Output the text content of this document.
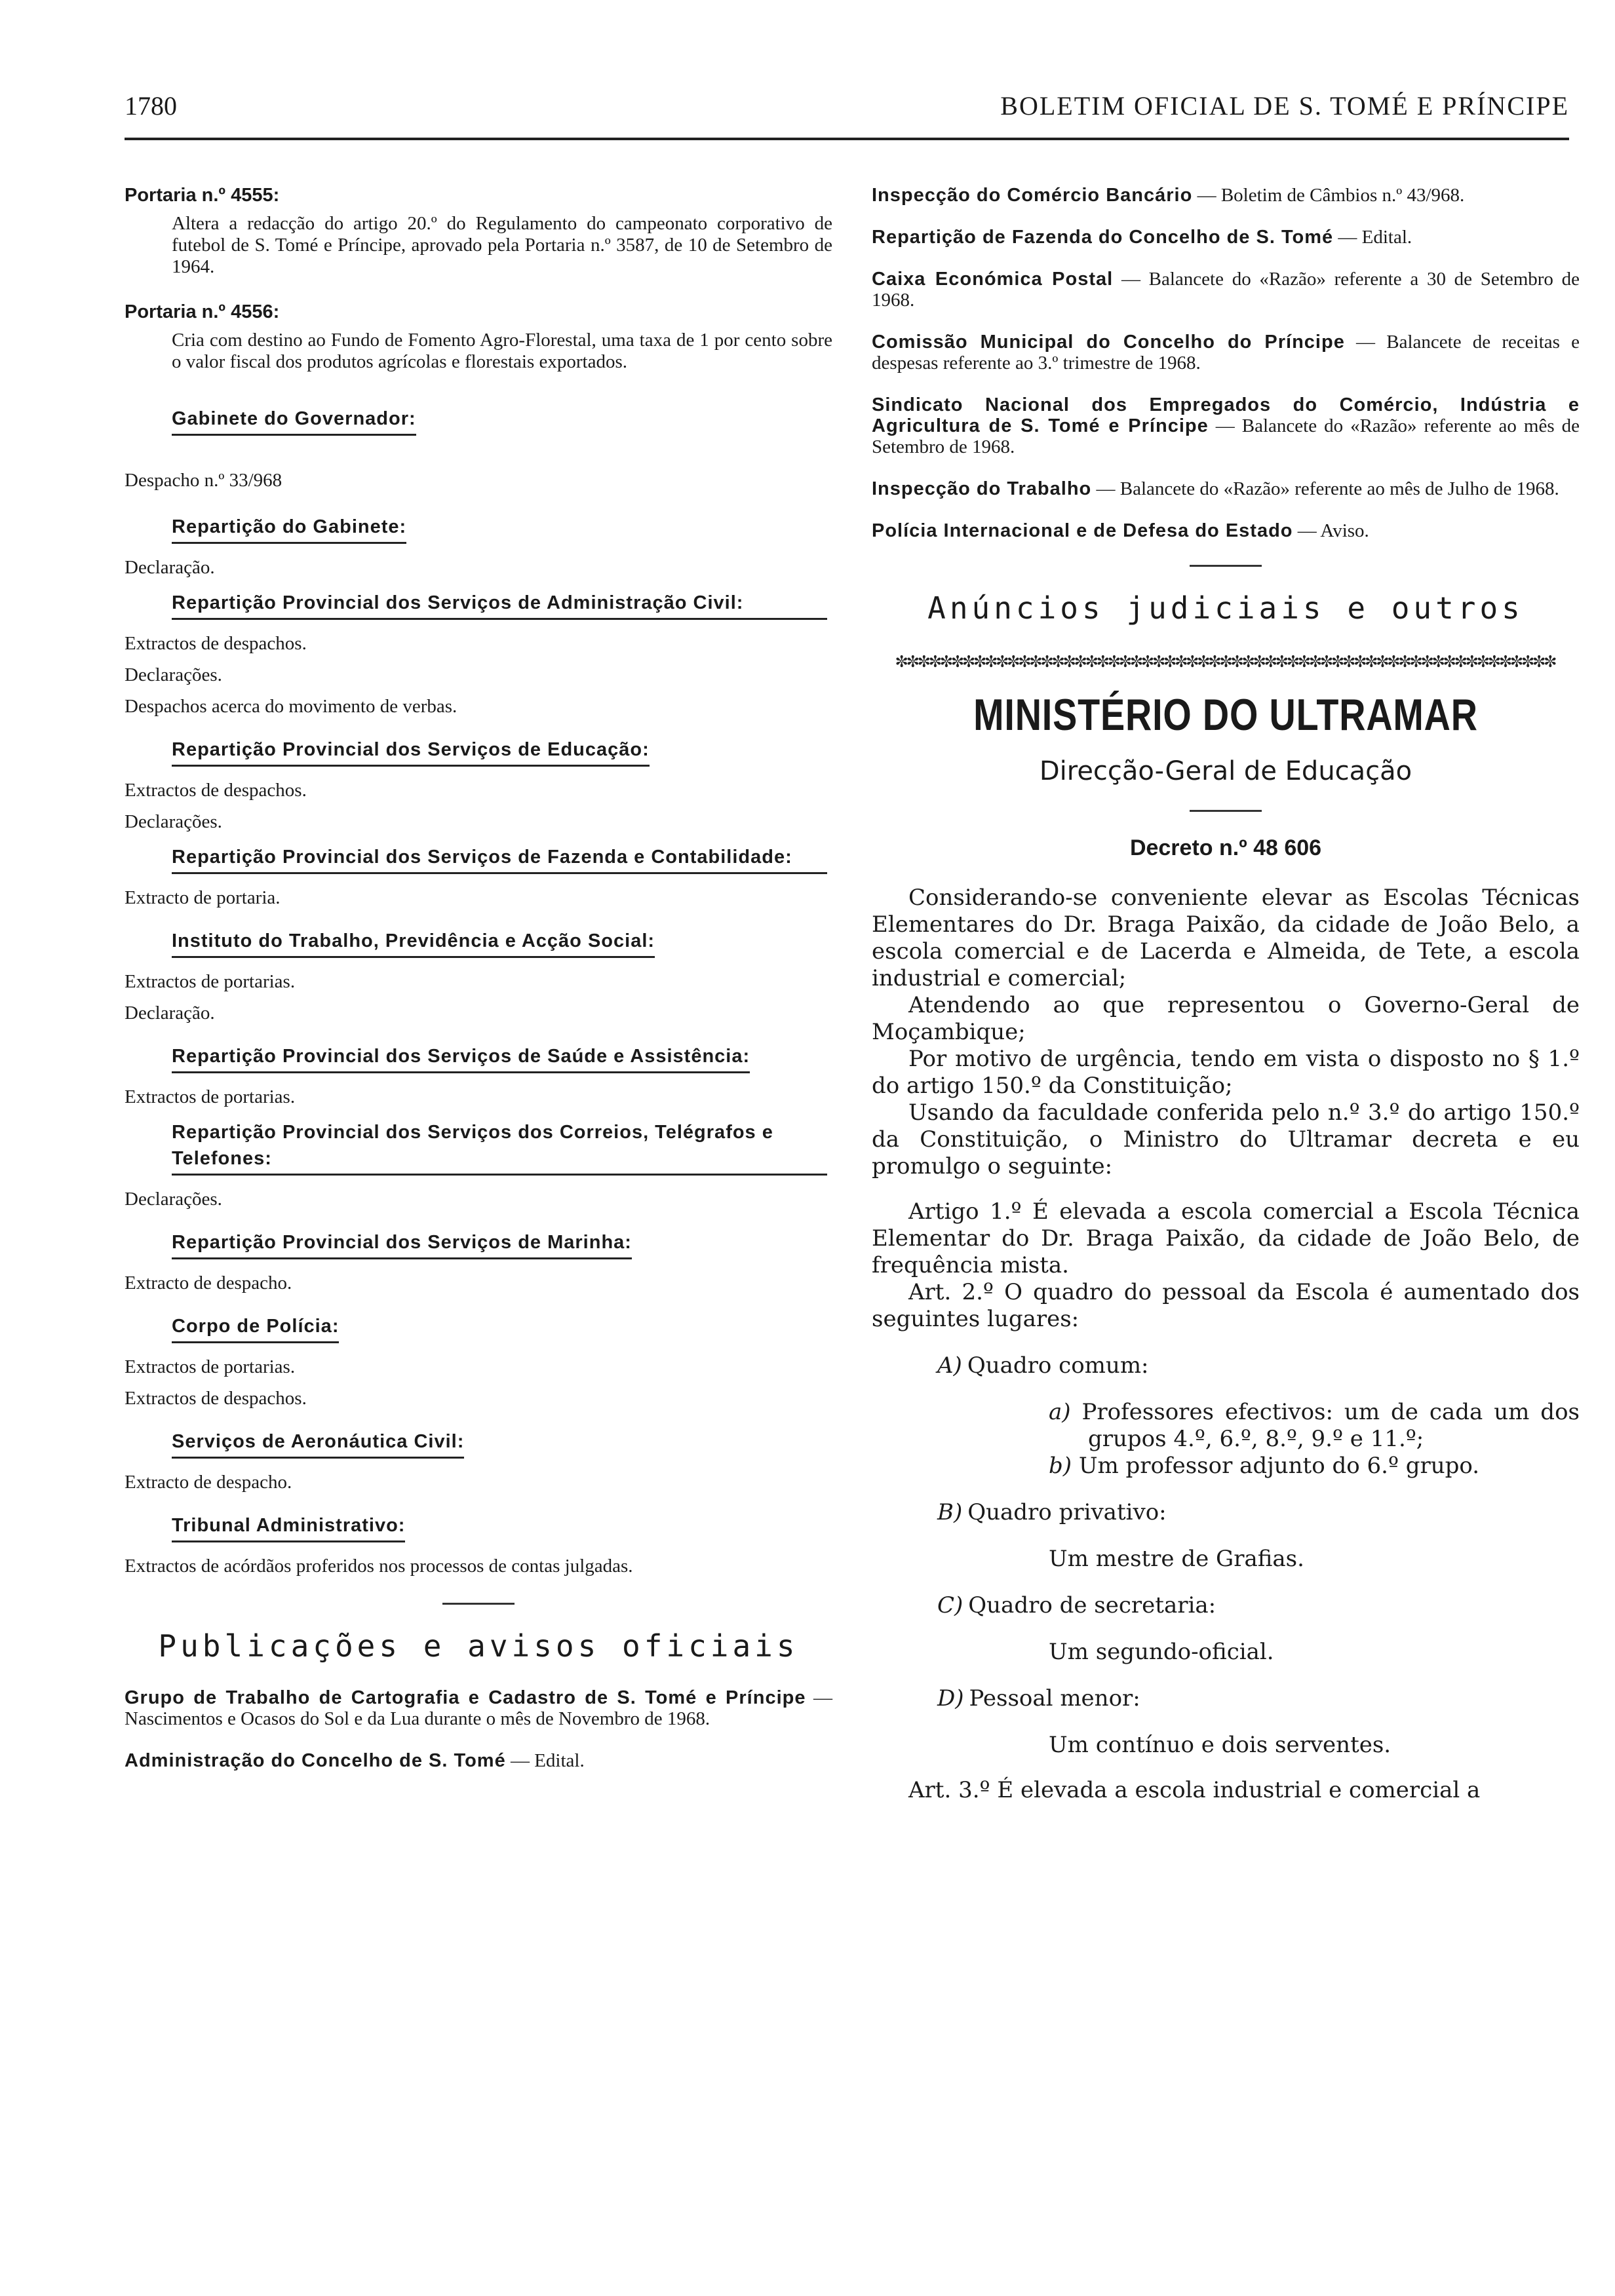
1780	BOLETIM OFICIAL DE S. TOMÉ E PRÍNCIPE

Portaria n.º 4555:

Altera a redacção do artigo 20.º do Regulamento do campeonato corporativo de futebol de S. Tomé e Príncipe, aprovado pela Portaria n.º 3587, de 10 de Setembro de 1964.

Portaria n.º 4556:

Cria com destino ao Fundo de Fomento Agro-Florestal, uma taxa de 1 por cento sobre o valor fiscal dos produtos agrícolas e florestais exportados.

Gabinete do Governador:

Despacho n.º 33/968

Repartição do Gabinete:

Declaração.

Repartição Provincial dos Serviços de Administração Civil:

Extractos de despachos.

Declarações.

Despachos acerca do movimento de verbas.

Repartição Provincial dos Serviços de Educação:

Extractos de despachos.

Declarações.

Repartição Provincial dos Serviços de Fazenda e Contabilidade:

Extracto de portaria.

Instituto do Trabalho, Previdência e Acção Social:

Extractos de portarias.

Declaração.

Repartição Provincial dos Serviços de Saúde e Assistência:

Extractos de portarias.

Repartição Provincial dos Serviços dos Correios, Telégrafos e Telefones:

Declarações.

Repartição Provincial dos Serviços de Marinha:

Extracto de despacho.

Corpo de Polícia:

Extractos de portarias.

Extractos de despachos.

Serviços de Aeronáutica Civil:

Extracto de despacho.

Tribunal Administrativo:

Extractos de acórdãos proferidos nos processos de contas julgadas.

Publicações e avisos oficiais

Grupo de Trabalho de Cartografia e Cadastro de S. Tomé e Príncipe — Nascimentos e Ocasos do Sol e da Lua durante o mês de Novembro de 1968.

Administração do Concelho de S. Tomé — Edital.

Inspecção do Comércio Bancário — Boletim de Câmbios n.º 43/968.

Repartição de Fazenda do Concelho de S. Tomé — Edital.

Caixa Económica Postal — Balancete do «Razão» referente a 30 de Setembro de 1968.

Comissão Municipal do Concelho do Príncipe — Balancete de receitas e despesas referente ao 3.º trimestre de 1968.

Sindicato Nacional dos Empregados do Comércio, Indústria e Agricultura de S. Tomé e Príncipe — Balancete do «Razão» referente ao mês de Setembro de 1968.

Inspecção do Trabalho — Balancete do «Razão» referente ao mês de Julho de 1968.

Polícia Internacional e de Defesa do Estado — Aviso.

Anúncios judiciais e outros

✼✼✼✼✼✼✼✼✼✼✼✼✼✼✼✼✼✼✼✼✼✼✼✼✼✼✼✼✼✼✼✼✼✼✼✼✼✼✼✼✼✼✼✼✼✼✼✼✼✼✼✼✼✼✼✼✼✼✼

MINISTÉRIO DO ULTRAMAR

Direcção-Geral de Educação

Decreto n.º 48 606

Considerando-se conveniente elevar as Escolas Técnicas Elementares do Dr. Braga Paixão, da cidade de João Belo, a escola comercial e de Lacerda e Almeida, de Tete, a escola industrial e comercial;

Atendendo ao que representou o Governo-Geral de Moçambique;

Por motivo de urgência, tendo em vista o disposto no § 1.º do artigo 150.º da Constituição;

Usando da faculdade conferida pelo n.º 3.º do artigo 150.º da Constituição, o Ministro do Ultramar decreta e eu promulgo o seguinte:

Artigo 1.º É elevada a escola comercial a Escola Técnica Elementar do Dr. Braga Paixão, da cidade de João Belo, de frequência mista.

Art. 2.º O quadro do pessoal da Escola é aumentado dos seguintes lugares:

A) Quadro comum:

a) Professores efectivos: um de cada um dos grupos 4.º, 6.º, 8.º, 9.º e 11.º;
b) Um professor adjunto do 6.º grupo.

B) Quadro privativo:

Um mestre de Grafias.

C) Quadro de secretaria:

Um segundo-oficial.

D) Pessoal menor:

Um contínuo e dois serventes.

Art. 3.º É elevada a escola industrial e comercial a
